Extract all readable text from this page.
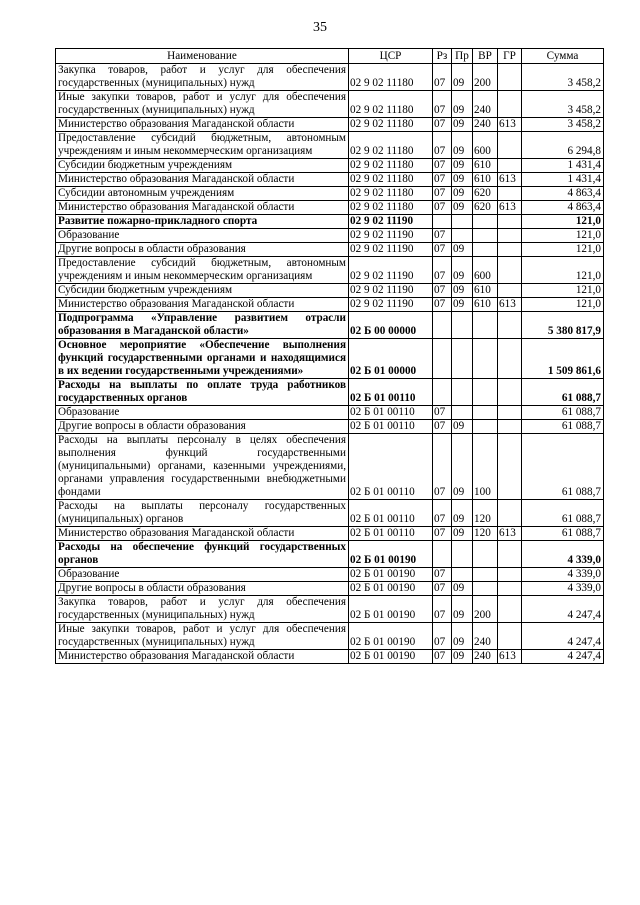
35
Наименование	ЦСР	Рз	Пр	ВР	ГР	Сумма
Закупка товаров, работ и услуг для обеспечения государственных (муниципальных) нужд	02 9 02 11180	07	09	200		3 458,2
Иные закупки товаров, работ и услуг для обеспечения государственных (муниципальных) нужд	02 9 02 11180	07	09	240		3 458,2
Министерство образования Магаданской области	02 9 02 11180	07	09	240	613	3 458,2
Предоставление субсидий бюджетным, автономным учреждениям и иным некоммерческим организациям	02 9 02 11180	07	09	600		6 294,8
Субсидии бюджетным учреждениям	02 9 02 11180	07	09	610		1 431,4
Министерство образования Магаданской области	02 9 02 11180	07	09	610	613	1 431,4
Субсидии автономным учреждениям	02 9 02 11180	07	09	620		4 863,4
Министерство образования Магаданской области	02 9 02 11180	07	09	620	613	4 863,4
Развитие пожарно-прикладного спорта	02 9 02 11190					121,0
Образование	02 9 02 11190	07				121,0
Другие вопросы в области образования	02 9 02 11190	07	09			121,0
Предоставление субсидий бюджетным, автономным учреждениям и иным некоммерческим организациям	02 9 02 11190	07	09	600		121,0
Субсидии бюджетным учреждениям	02 9 02 11190	07	09	610		121,0
Министерство образования Магаданской области	02 9 02 11190	07	09	610	613	121,0
Подпрограмма «Управление развитием отрасли образования в Магаданской области»	02 Б 00 00000					5 380 817,9
Основное мероприятие «Обеспечение выполнения функций государственными органами и находящимися в их ведении государственными учреждениями»	02 Б 01 00000					1 509 861,6
Расходы на выплаты по оплате труда работников государственных органов	02 Б 01 00110					61 088,7
Образование	02 Б 01 00110	07				61 088,7
Другие вопросы в области образования	02 Б 01 00110	07	09			61 088,7
Расходы на выплаты персоналу в целях обеспечения выполнения функций государственными (муниципальными) органами, казенными учреждениями, органами управления государственными внебюджетными фондами	02 Б 01 00110	07	09	100		61 088,7
Расходы на выплаты персоналу государственных (муниципальных) органов	02 Б 01 00110	07	09	120		61 088,7
Министерство образования Магаданской области	02 Б 01 00110	07	09	120	613	61 088,7
Расходы на обеспечение функций государственных органов	02 Б 01 00190					4 339,0
Образование	02 Б 01 00190	07				4 339,0
Другие вопросы в области образования	02 Б 01 00190	07	09			4 339,0
Закупка товаров, работ и услуг для обеспечения государственных (муниципальных) нужд	02 Б 01 00190	07	09	200		4 247,4
Иные закупки товаров, работ и услуг для обеспечения государственных (муниципальных) нужд	02 Б 01 00190	07	09	240		4 247,4
Министерство образования Магаданской области	02 Б 01 00190	07	09	240	613	4 247,4
